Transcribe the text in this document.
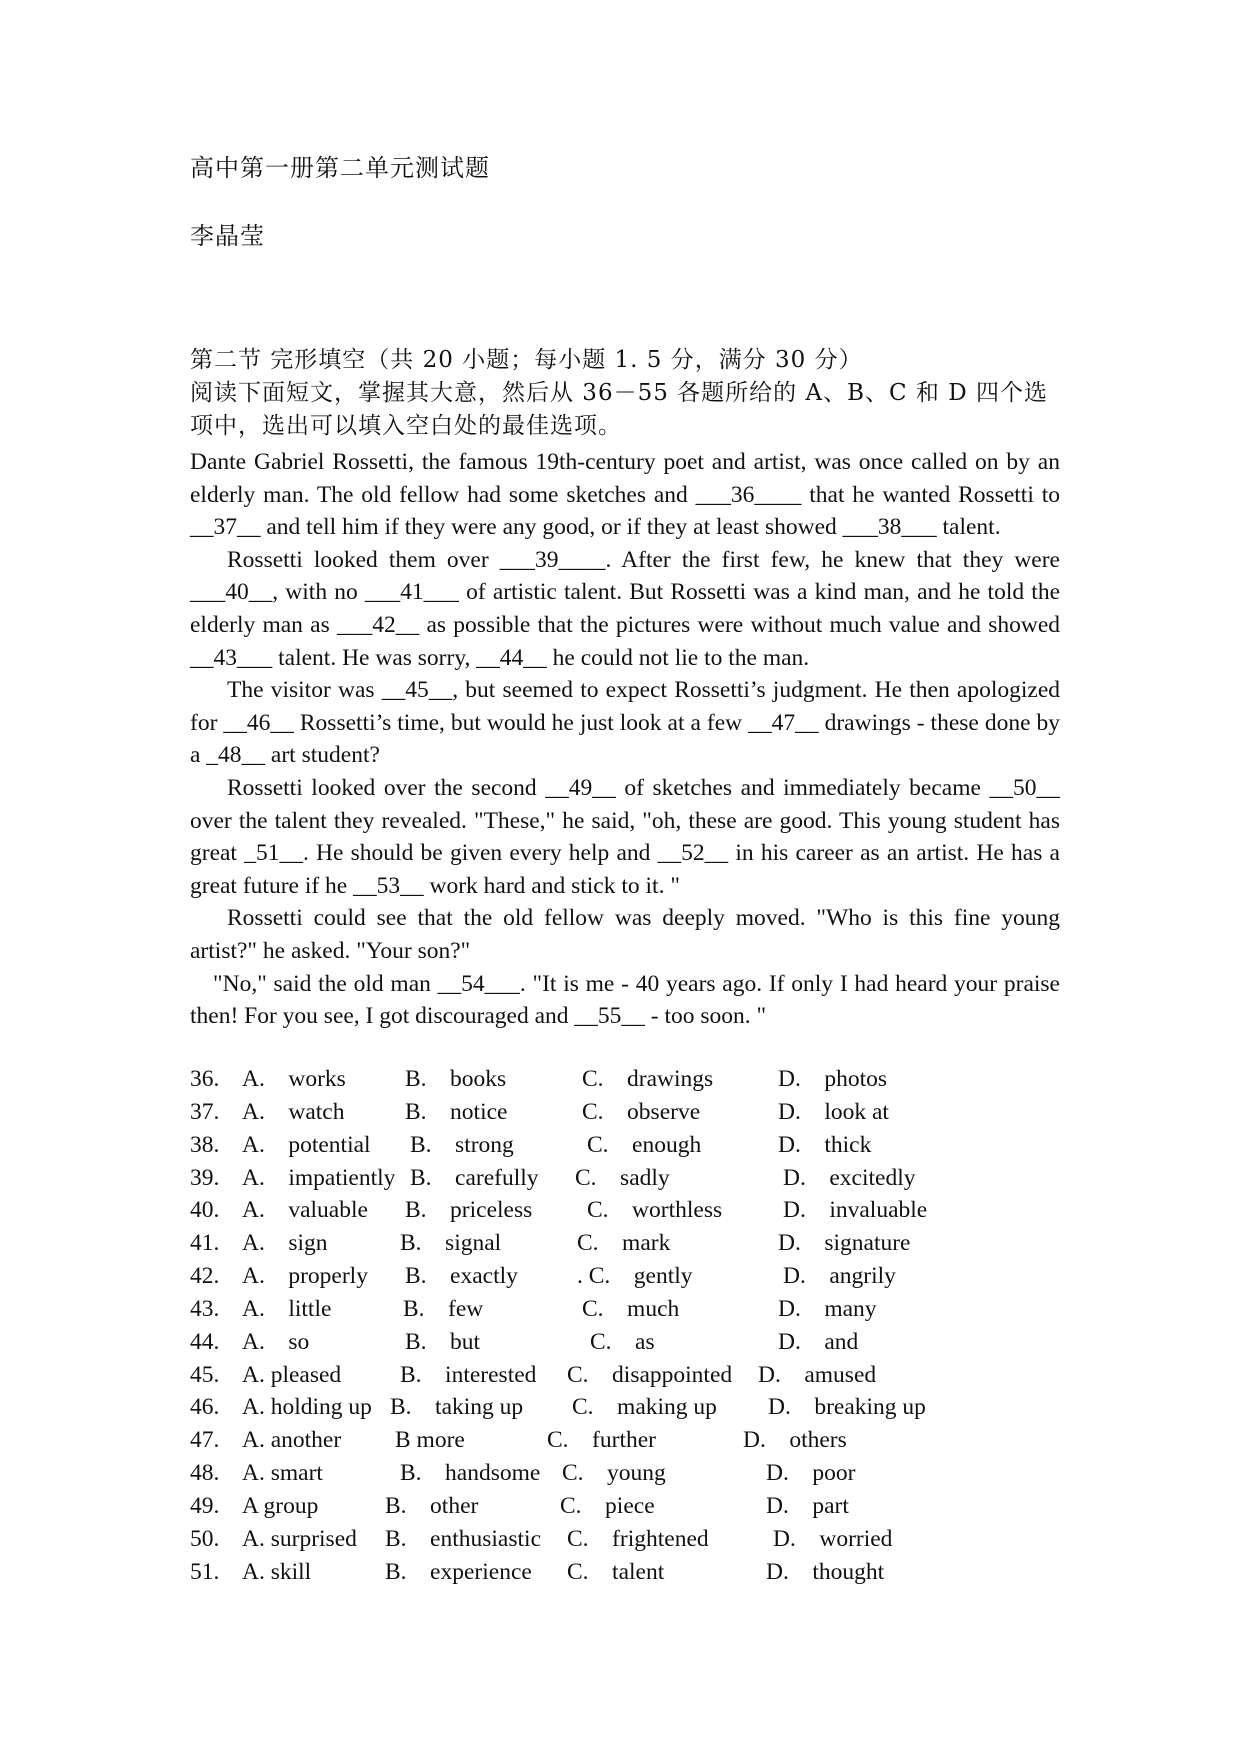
高中第一册第二单元测试题
李晶莹
第二节 完形填空（共 20 小题；每小题 1. 5 分，满分 30 分）
阅读下面短文，掌握其大意，然后从 36－55 各题所给的 A、B、C 和 D 四个选
项中，选出可以填入空白处的最佳选项。

Dante Gabriel Rossetti, the famous 19th-century poet and artist, was once called on by an elderly man. The old fellow had some sketches and ___36____ that he wanted Rossetti to __37__ and tell him if they were any good, or if they at least showed ___38___ talent.

Rossetti looked them over ___39____. After the first few, he knew that they were ___40__, with no ___41___ of artistic talent. But Rossetti was a kind man, and he told the elderly man as ___42__ as possible that the pictures were without much value and showed __43___ talent. He was sorry, __44__ he could not lie to the man.

The visitor was __45__, but seemed to expect Rossetti’s judgment. He then apologized for __46__ Rossetti’s time, but would he just look at a few __47__ drawings - these done by a _48__ art student?

Rossetti looked over the second __49__ of sketches and immediately became __50__ over the talent they revealed. "These," he said, "oh, these are good. This young student has great _51__. He should be given every help and __52__ in his career as an artist. He has a great future if he __53__ work hard and stick to it. "

Rossetti could see that the old fellow was deeply moved. "Who is this fine young artist?" he asked. "Your son?"

"No," said the old man __54___. "It is me - 40 years ago. If only I had heard your praise then! For you see, I got discouraged and __55__ - too soon. "

36. A.    works	B.    books	C.    drawings	D.    photos
37. A.    watch	B.    notice	C.    observe	D.    look at
38. A.    potential B.    strong	C.    enough	D.    thick
39. A.    impatiently B.    carefully C.    sadly	D.    excitedly
40. A.    valuable B.    priceless C.    worthless	D.    invaluable
41. A.    sign	B.    signal	C.    mark	D.    signature
42. A.    properly B.    exactly	. C.    gently	D.    angrily
43. A.    little	B.    few	C.    much	D.    many
44. A.    so	B.    but	C.    as	D.    and
45. A. pleased	B.    interested C.    disappointed D.    amused
46. A. holding up B.    taking up C.    making up D.    breaking up
47. A. another B more	C.    further	D.    others
48. A. smart	B.    handsome C.    young	D.    poor
49. A group	B.    other	C.    piece	D.    part
50. A. surprised B.    enthusiastic C.    frightened	D.    worried
51. A. skill	B.    experience C.    talent	D.    thought
